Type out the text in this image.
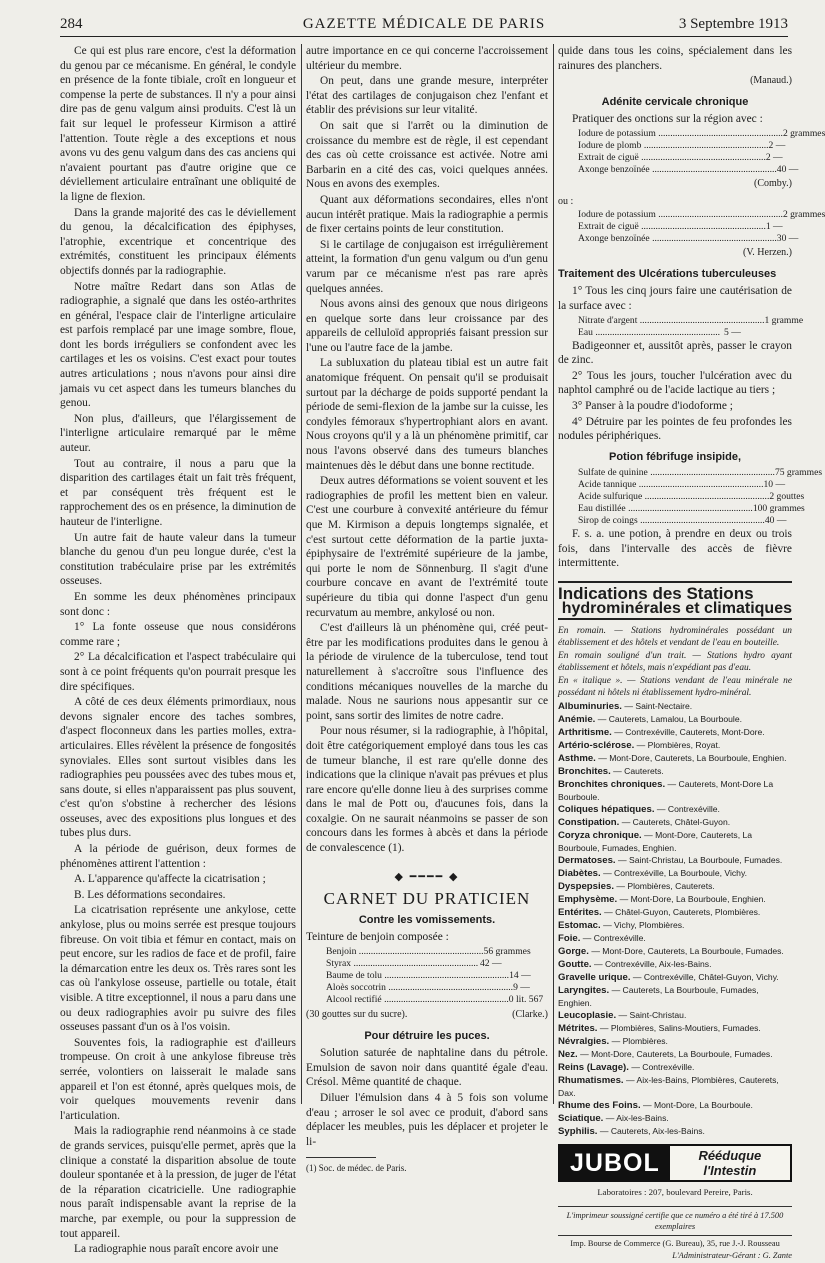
284	GAZETTE MÉDICALE DE PARIS	3 Septembre 1913

Ce qui est plus rare encore, c'est la déformation du genou par ce mécanisme. En général, le condyle en présence de la fonte tibiale, croît en longueur et compense la perte de substances. Il n'y a pour ainsi dire pas de genu valgum ainsi produits. C'est là un fait sur lequel le professeur Kirmison a attiré l'attention. Toute règle a des exceptions et nous avons vu des genu valgum dans des cas anciens qui n'avaient pourtant pas d'autre origine que ce déviellement articulaire entraînant une obliquité de la ligne de flexion.

Dans la grande majorité des cas le déviellement du genou, la décalcification des épiphyses, l'atrophie, excentrique et concentrique des extrémités, constituent les principaux éléments objectifs donnés par la radiographie.

Notre maître Redart dans son Atlas de radiographie, a signalé que dans les ostéo-arthrites en général, l'espace clair de l'interligne articulaire est parfois remplacé par une image sombre, floue, dont les bords irréguliers se confondent avec les cartilages et les os voisins. C'est exact pour toutes autres articulations ; nous n'avons pour ainsi dire jamais vu cet aspect dans les tumeurs blanches du genou.

Non plus, d'ailleurs, que l'élargissement de l'interligne articulaire remarqué par le même auteur.

Tout au contraire, il nous a paru que la disparition des cartilages était un fait très fréquent, et par conséquent très fréquent est le rapprochement des os en présence, la diminution de hauteur de l'interligne.

Un autre fait de haute valeur dans la tumeur blanche du genou d'un peu longue durée, c'est la constitution trabéculaire prise par les extrémités osseuses.

En somme les deux phénomènes principaux sont donc :

1° La fonte osseuse que nous considérons comme rare ;

2° La décalcification et l'aspect trabéculaire qui sont à ce point fréquents qu'on pourrait presque les dire spécifiques.

A côté de ces deux éléments primordiaux, nous devons signaler encore des taches sombres, d'aspect floconneux dans les parties molles, extra-articulaires. Elles révèlent la présence de fongosités synoviales. Elles sont surtout visibles dans les radiographies peu poussées avec des tubes mous et, sans doute, si elles n'apparaissent pas plus souvent, c'est qu'on s'obstine à rechercher des lésions osseuses, avec des expositions plus longues et des tubes plus durs.

A la période de guérison, deux formes de phénomènes attirent l'attention :

A. L'apparence qu'affecte la cicatrisation ;

B. Les déformations secondaires.

La cicatrisation représente une ankylose, cette ankylose, plus ou moins serrée est presque toujours fibreuse. On voit tibia et fémur en contact, mais on peut encore, sur les radios de face et de profil, faire la démarcation entre les deux os. Très rares sont les cas où l'ankylose osseuse, partielle ou totale, était visible. A titre exceptionnel, il nous a paru dans une ou deux radiographies avoir pu suivre des files osseuses passant d'un os à l'os voisin.

Souventes fois, la radiographie est d'ailleurs trompeuse. On croit à une ankylose fibreuse très serrée, volontiers on laisserait le malade sans appareil et l'on est étonné, après quelques mois, de voir quelques mouvements revenir dans l'articulation.

Mais la radiographie rend néanmoins à ce stade de grands services, puisqu'elle permet, après que la clinique a constaté la disparition absolue de toute douleur spontanée et à la pression, de juger de l'état de la réparation cicatricielle. Une radiographie nous paraît indispensable avant la reprise de la marche, par exemple, ou pour la suppression de tout appareil.

La radiographie nous paraît encore avoir une

autre importance en ce qui concerne l'accroissement ultérieur du membre.

On peut, dans une grande mesure, interpréter l'état des cartilages de conjugaison chez l'enfant et établir des prévisions sur leur vitalité.

On sait que si l'arrêt ou la diminution de croissance du membre est de règle, il est cependant des cas où cette croissance est activée. Notre ami Barbarin en a cité des cas, voici quelques années. Nous en avons des exemples.

Quant aux déformations secondaires, elles n'ont aucun intérêt pratique. Mais la radiographie a permis de fixer certains points de leur constitution.

Si le cartilage de conjugaison est irrégulièrement atteint, la formation d'un genu valgum ou d'un genu varum par ce mécanisme n'est pas rare après quelques années.

Nous avons ainsi des genoux que nous dirigeons en quelque sorte dans leur croissance par des appareils de celluloïd appropriés faisant pression sur l'une ou l'autre face de la jambe.

La subluxation du plateau tibial est un autre fait anatomique fréquent. On pensait qu'il se produisait surtout par la décharge de poids supporté pendant la période de semi-flexion de la jambe sur la cuisse, les condyles fémoraux s'hypertrophiant alors en avant. Nous croyons qu'il y a là un phénomène primitif, car nous l'avons observé dans des tumeurs blanches maintenues dès le début dans une bonne rectitude.

Deux autres déformations se voient souvent et les radiographies de profil les mettent bien en valeur. C'est une courbure à convexité antérieure du fémur que M. Kirmison a depuis longtemps signalée, et c'est surtout cette déformation de la partie juxta-épiphysaire de l'extrémité supérieure de la jambe, qui porte le nom de Sönnenburg. Il s'agit d'une courbure concave en avant de l'extrémité toute supérieure du tibia qui donne l'aspect d'un genu recurvatum au membre, ankylosé ou non.

C'est d'ailleurs là un phénomène qui, créé peut-être par les modifications produites dans le genou à la période de virulence de la tuberculose, tend tout naturellement à s'accroître sous l'influence des conditions mécaniques nouvelles de la marche du malade. Nous ne saurions nous appesantir sur ce point, sans sortir des limites de notre cadre.

Pour nous résumer, si la radiographie, à l'hôpital, doit être catégoriquement employé dans tous les cas de tumeur blanche, il est rare qu'elle donne des indications que la clinique n'avait pas prévues et plus rare encore qu'elle donne lieu à des surprises comme dans le mal de Pott ou, d'aucunes fois, dans la coxalgie. On ne saurait néanmoins se passer de son concours dans les formes à abcès et dans la période de convalescence (1).

◆ ━━━━ ◆
CARNET DU PRATICIEN
Contre les vomissements.

Teinture de benjoin composée :

Benjoin .....	56 grammes
Styrax .....	42 —
Baume de tolu .....	14 —
Aloès soccotrin .....	9 —
Alcool rectifié .....	0 lit. 567
(30 gouttes sur du sucre).	(Clarke.)
Pour détruire les puces.

Solution saturée de naphtaline dans du pétrole. Emulsion de savon noir dans quantité égale d'eau. Crésol. Même quantité de chaque.

Diluer l'émulsion dans 4 à 5 fois son volume d'eau ; arroser le sol avec ce produit, d'abord sans déplacer les meubles, puis les déplacer et projeter le li-

(1) Soc. de médec. de Paris.

quide dans tous les coins, spécialement dans les rainures des planchers.

(Manaud.)
Adénite cervicale chronique

Pratiquer des onctions sur la région avec :

Iodure de potassium .....	2 grammes
Iodure de plomb .....	2 —
Extrait de ciguë .....	2 —
Axonge benzoïnée .....	40 —
(Comby.)
ou :
Iodure de potassium .....	2 grammes
Extrait de ciguë .....	1 —
Axonge benzoïnée .....	30 —
(V. Herzen.)
Traitement des Ulcérations tuberculeuses

1° Tous les cinq jours faire une cautérisation de la surface avec :

Nitrate d'argent .....	1 gramme
Eau .....	5 —

Badigeonner et, aussitôt après, passer le crayon de zinc.

2° Tous les jours, toucher l'ulcération avec du naphtol camphré ou de l'acide lactique au tiers ;

3° Panser à la poudre d'iodoforme ;

4° Détruire par les pointes de feu profondes les nodules périphériques.

Potion fébrifuge insipide,
Sulfate de quinine .....	75 grammes
Acide tannique .....	10 —
Acide sulfurique .....	2 gouttes
Eau distillée .....	100 grammes
Sirop de coings .....	40 —

F. s. a. une potion, à prendre en deux ou trois fois, dans l'intervalle des accès de fièvre intermittente.

Indications des Stations
hydrominérales et climatiques

En romain. — Stations hydrominérales possédant un établissement et des hôtels et vendant de l'eau en bouteille.

En romain souligné d'un trait. — Stations hydro ayant établissement et hôtels, mais n'expédiant pas d'eau.

En « italique ». — Stations vendant de l'eau minérale ne possédant ni hôtels ni établissement hydro-minéral.

Albuminuries. — Saint-Nectaire.
Anémie. — Cauterets, Lamalou, La Bourboule.
Arthritisme. — Contrexéville, Cauterets, Mont-Dore.
Artério-sclérose. — Plombières, Royat.
Asthme. — Mont-Dore, Cauterets, La Bourboule, Enghien.
Bronchites. — Cauterets.
Bronchites chroniques. — Cauterets, Mont-Dore La Bourboule.
Coliques hépatiques. — Contrexéville.
Constipation. — Cauterets, Châtel-Guyon.
Coryza chronique. — Mont-Dore, Cauterets, La Bourboule, Fumades, Enghien.
Dermatoses. — Saint-Christau, La Bourboule, Fumades.
Diabètes. — Contrexéville, La Bourboule, Vichy.
Dyspepsies. — Plombières, Cauterets.
Emphysème. — Mont-Dore, La Bourboule, Enghien.
Entérites. — Châtel-Guyon, Cauterets, Plombières.
Estomac. — Vichy, Plombières.
Foie. — Contrexéville.
Gorge. — Mont-Dore, Cauterets, La Bourboule, Fumades.
Goutte. — Contrexéville, Aix-les-Bains.
Gravelle urique. — Contrexéville, Châtel-Guyon, Vichy.
Laryngites. — Cauterets, La Bourboule, Fumades, Enghien.
Leucoplasie. — Saint-Christau.
Métrites. — Plombières, Salins-Moutiers, Fumades.
Névralgies. — Plombières.
Nez. — Mont-Dore, Cauterets, La Bourboule, Fumades.
Reins (Lavage). — Contrexéville.
Rhumatismes. — Aix-les-Bains, Plombières, Cauterets, Dax.
Rhume des Foins. — Mont-Dore, La Bourboule.
Sciatique. — Aix-les-Bains.
Syphilis. — Cauterets, Aix-les-Bains.
JUBOL	Rééduque
l'Intestin
Laboratoires : 207, boulevard Pereire, Paris.
L'imprimeur soussigné certifie que ce numéro a été tiré à 17.500 exemplaires
Imp. Bourse de Commerce (G. Bureau), 35, rue J.-J. Rousseau
L'Administrateur-Gérant : G. Zante
